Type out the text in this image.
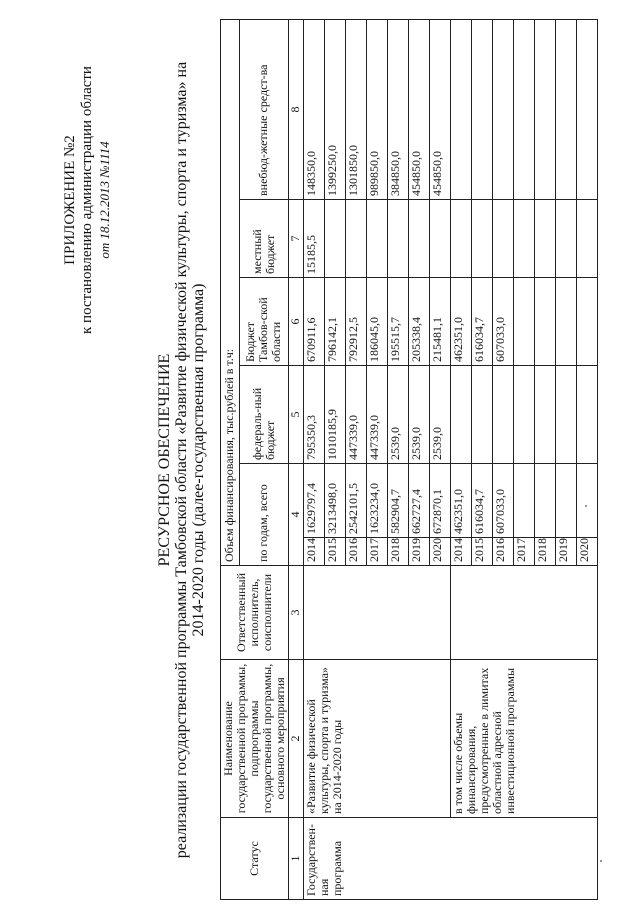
ПРИЛОЖЕНИЕ №2 к постановлению администрации области от 18.12.2013 №1114
РЕСУРСНОЕ ОБЕСПЕЧЕНИЕ реализации государственной программы Тамбовской области «Развитие физической культуры, спорта и туризма» на 2014-2020 годы (далее-государственная программа)
Статус	Наименование государственной программы, подпрограммы государственной программы, основного мероприятия	Ответственный исполнитель, соисполнители	Объем финансирования, тыс.рублей в т.ч:					
			по годам, всего		федераль-ный бюджет	Бюджет Тамбов-ской области	местный бюджет	внебюд-жетные средст-ва
1	2	3	4		5	6	7	8
Государствен-ная программа	«Развитие физической культуры, спорта и туризма» на 2014-2020 годы		2014	1629797,4	795350,3	670911,6	15185,5	148350,0
			2015	3213498,0	1010185,9	796142,1		1399250,0
			2016	2542101,5	447339,0	792912,5		1301850,0
			2017	1623234,0	447339,0	186045,0		989850,0
			2018	582904,7	2539,0	195515,7		384850,0
			2019	662727,4	2539,0	205338,4		454850,0
			2020	672870,1	2539,0	215481,1		454850,0
	в том числе объемы финансирования, предусмотренные в лимитах областной адресной инвестиционной программы		2014	462351,0		462351,0		
			2015	616034,7		616034,7		
			2016	607033,0		607033,0		
			2017					
			2018					
			2019					
			2020					
